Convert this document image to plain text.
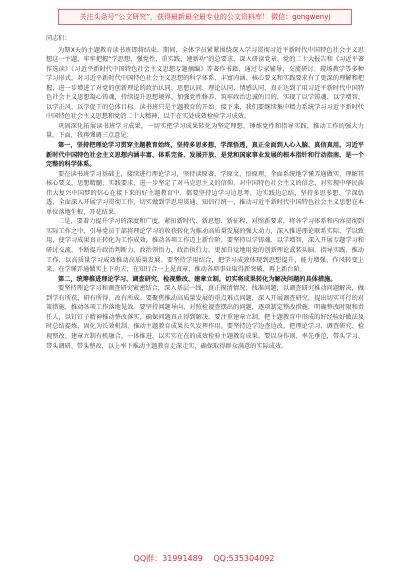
关注头条号“公文研究”，获得最新最全最专业的公文资料库！ 微信：gongwenyj

同志们：

为期X天的主题教育读书班即将结束。期间，全体学员紧紧围绕深入学习贯彻习近平新时代中国特色社会主义思想这一主题，牢牢把握“学思想、强党性、重实践、建新功”的总要求，深入研读党章、党的二十大报告和《习近平著作选读》《习近平新时代中国特色社会主义思想专题摘编》等著作书籍，通过专家辅导、交流研讨、现场教学等多种学习形式，对习近平新时代中国特色社会主义思想的科学体系、丰富内涵、核心要义和实践要求有了更深的理解和把握，进一步增进了对党的创新理论的政治认同、思想认同、理论认同、情感认同，真正达到了用习近平新时代中国特色社会主义思想凝心铸魂，持续提升思想境界、加强党性修养、筑牢政治忠诚的目的，实现了以学铸魂、以学增智、以学正风、以学促干的总体目标。读书班只是主题教育的开始。接下来，我们要继续集中精力系统学习习近平新时代中国特色社会主义思想和党的二十大精神，以干在实处成效检验学习成效。

巩固深化拓展读书班学习成果，一切实把学习成果转化为坚定理想、锤炼党性和指导实践、推动工作的强大力量。下面，我再强调三点意见：

第一，坚持把理论学习贯穿主题教育始终，坚持多思多想、学深悟透，真正全面到人心入脑、真信真用。习近平新时代中国特色社会主义思想内涵丰富、体系完备、发展开放、是党和国家事业发展的根本指针和行动指南，是一个完整的科学体系。

要在读书班学习基础上，接续进行理论学习，坚持读原著、学原文、悟原理，全面系统地学懂弄通做实，理解其核心要义、思想精髓、实践要求，进一步坚定了对马克思主义的信仰，对中国特色社会主义的信念，对实现中华民族伟大复兴中国梦的信心在接下来的好主题教育中，都要坚持边学习边思考、边实践边总结，坚持多思多想、学深悟透，全面深入开展学习贯彻工作，切实做到学思用贯通、知信行统一，推动习近平新时代中国特色社会主义思想在本单位落地生根、开花结果。

二是，要着力提升学习的深度和广度，紧扣新时代、新思想、新征程，对照新要求，将各学习体系和内容贯彻到实际工作之中，引导党员干部将理论学习的收获转化为推动高质量发展的强大动力，深入推进理论联系实际、学以致用，使学习成果真正转化为工作成效，推动各项工作迈上新台阶。要坚持以学铸魂、以学增智，深入开展专题学习和研讨交流，不断提升政治判断力、政治领悟力、政治执行力，更加自觉地用党的创新理论武装头脑、指导实践、推动工作，以高质量学习成效推动高质量发展。要坚持学用结合，把学习成效体现到思想提升、能力增强、作风转变上来，在学懂弄通做实上下功夫，在知行合一上见真章，推动各项事业取得新突破、再上新台阶。

第二，统筹推进理论学习、调查研究、检视整改、建章立制，切实将成果转化为解决问题的具体措施。

要坚持理论学习和调查研究紧密结合，深入基层一线，真正摸清情况、找准问题，以调查研究推动问题解决，做到学有所获、研有所得、改有所成。要聚焦推动高质量发展的重点难点问题，深入开展调查研究，提出切实可行的对策措施，推动各项工作落地见效。要坚持问题导向，对照检视查摆出的问题，逐项制定整改措施，明确整改时限和责任人，以钉钉子精神推动整改落实，确保问题真正得到解决。要注重建章立制，把主题教育中形成的好经验好做法及时总结提炼，固化为长效机制，推动主题教育成果长久发挥作用。要坚持边学边查边改，把理论学习、调查研究、检视整改、建章立制有机融合、一体推进，以实实在在的成效检验主题教育成果。要以身作则、率先垂范，带头学习、带头调研、带头整改，以上率下推动主题教育走深走实，确保取得群众满意的实际成效。

QQ群：31991489 QQ:535304092
